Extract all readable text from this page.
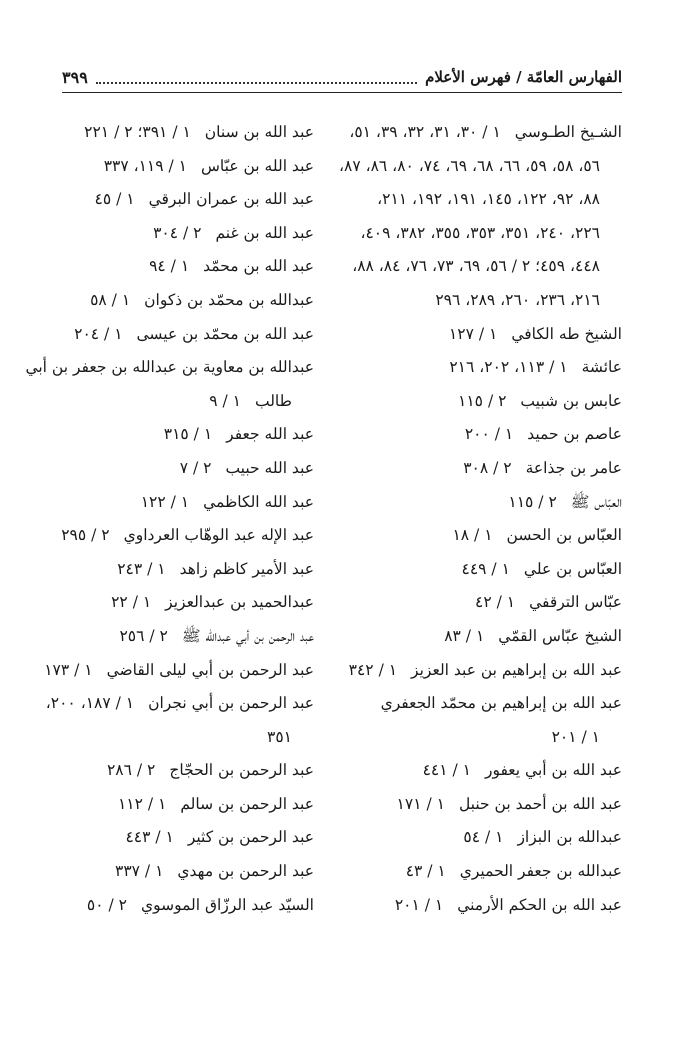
الفهارس العامّة / فهرس الأعلام
٣٩٩
الشـيخ الطـوسي١ / ٣٠، ٣١، ٣٢، ٣٩، ٥١،
٥٦، ٥٨، ٥٩، ٦٦، ٦٨، ٦٩، ٧٤، ٨٠، ٨٦، ٨٧،
٨٨، ٩٢، ١٢٢، ١٤٥، ١٩١، ١٩٢، ٢١١،
٢٢٦، ٢٤٠، ٣٥١، ٣٥٣، ٣٥٥، ٣٨٢، ٤٠٩،
٤٤٨، ٤٥٩؛ ٢ / ٥٦، ٦٩، ٧٣، ٧٦، ٨٤، ٨٨،
٢١٦، ٢٣٦، ٢٦٠، ٢٨٩، ٢٩٦
الشيخ طه الكافي١ / ١٢٧
عائشة١ / ١١٣، ٢٠٢، ٢١٦
عابس بن شبيب٢ / ١١٥
عاصم بن حميد١ / ٢٠٠
عامر بن جذاعة٢ / ٣٠٨
العبّاس ﷺ٢ / ١١٥
العبّاس بن الحسن١ / ١٨
العبّاس بن علي١ / ٤٤٩
عبّاس الترقفي١ / ٤٢
الشيخ عبّاس القمّي١ / ٨٣
عبد الله بن إبراهيم بن عبد العزيز١ / ٣٤٢
عبد الله بن إبراهيم بن محمّد الجعفري
١ / ٢٠١
عبد الله بن أبي يعفور١ / ٤٤١
عبد الله بن أحمد بن حنبل١ / ١٧١
عبدالله بن البزاز١ / ٥٤
عبدالله بن جعفر الحميري١ / ٤٣
عبد الله بن الحكم الأرمني١ / ٢٠١
عبد الله بن سنان١ / ٣٩١؛ ٢ / ٢٢١
عبد الله بن عبّاس١ / ١١٩، ٣٣٧
عبد الله بن عمران البرقي١ / ٤٥
عبد الله بن غنم٢ / ٣٠٤
عبد الله بن محمّد١ / ٩٤
عبدالله بن محمّد بن ذكوان١ / ٥٨
عبد الله بن محمّد بن عيسى١ / ٢٠٤
عبدالله بن معاوية بن عبدالله بن جعفر بن أبي
طالب١ / ٩
عبد الله جعفر١ / ٣١٥
عبد الله حبيب٢ / ٧
عبد الله الكاظمي١ / ١٢٢
عبد الإله عبد الوهّاب العرداوي٢ / ٢٩٥
عبد الأمير كاظم زاهد١ / ٢٤٣
عبدالحميد بن عبدالعزيز١ / ٢٢
عبد الرحمن بن أبي عبدالله ﷺ٢ / ٢٥٦
عبد الرحمن بن أبي ليلى القاضي١ / ١٧٣
عبد الرحمن بن أبي نجران١ / ١٨٧، ٢٠٠،
٣٥١
عبد الرحمن بن الحجّاج٢ / ٢٨٦
عبد الرحمن بن سالم١ / ١١٢
عبد الرحمن بن كثير١ / ٤٤٣
عبد الرحمن بن مهدي١ / ٣٣٧
السيّد عبد الرزّاق الموسوي٢ / ٥٠
